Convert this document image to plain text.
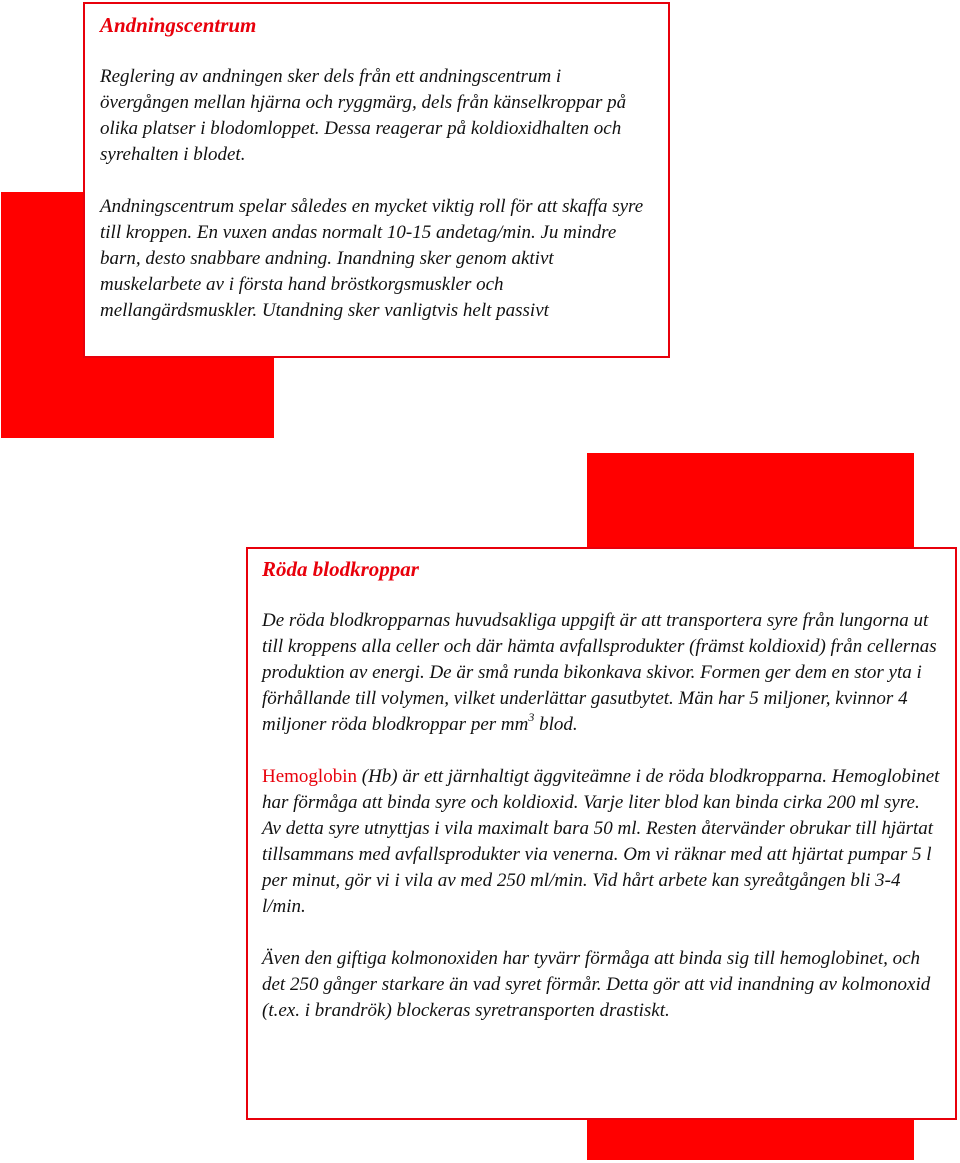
Andningscentrum

Reglering av andningen sker dels från ett andningscentrum i övergången mellan hjärna och ryggmärg, dels från känselkroppar på olika platser i blodomloppet. Dessa reagerar på koldioxidhalten och syrehalten i blodet.

Andningscentrum spelar således en mycket viktig roll för att skaffa syre till kroppen. En vuxen andas normalt 10-15 andetag/min. Ju mindre barn, desto snabbare andning. Inandning sker genom aktivt muskelarbete av i första hand bröstkorgsmuskler och mellangärdsmuskler. Utandning sker vanligtvis helt passivt

Röda blodkroppar

De röda blodkropparnas huvudsakliga uppgift är att transportera syre från lungorna ut till kroppens alla celler och där hämta avfallsprodukter (främst koldioxid) från cellernas produktion av energi. De är små runda bikonkava skivor. Formen ger dem en stor yta i förhållande till volymen, vilket underlättar gasutbytet. Män har 5 miljoner, kvinnor 4 miljoner röda blodkroppar per $mm^3$ blod.

Hemoglobin (Hb) är ett järnhaltigt äggviteämne i de röda blodkropparna. Hemoglobinet har förmåga att binda syre och koldioxid. Varje liter blod kan binda cirka 200 ml syre. Av detta syre utnyttjas i vila maximalt bara 50 ml. Resten återvänder obrukar till hjärtat tillsammans med avfallsprodukter via venerna. Om vi räknar med att hjärtat pumpar 5 l per minut, gör vi i vila av med 250 ml/min. Vid hårt arbete kan syreåtgången bli 3-4 l/min.

Även den giftiga kolmonoxiden har tyvärr förmåga att binda sig till hemoglobinet, och det 250 gånger starkare än vad syret förmår. Detta gör att vid inandning av kolmonoxid (t.ex. i brandrök) blockeras syretransporten drastiskt.
